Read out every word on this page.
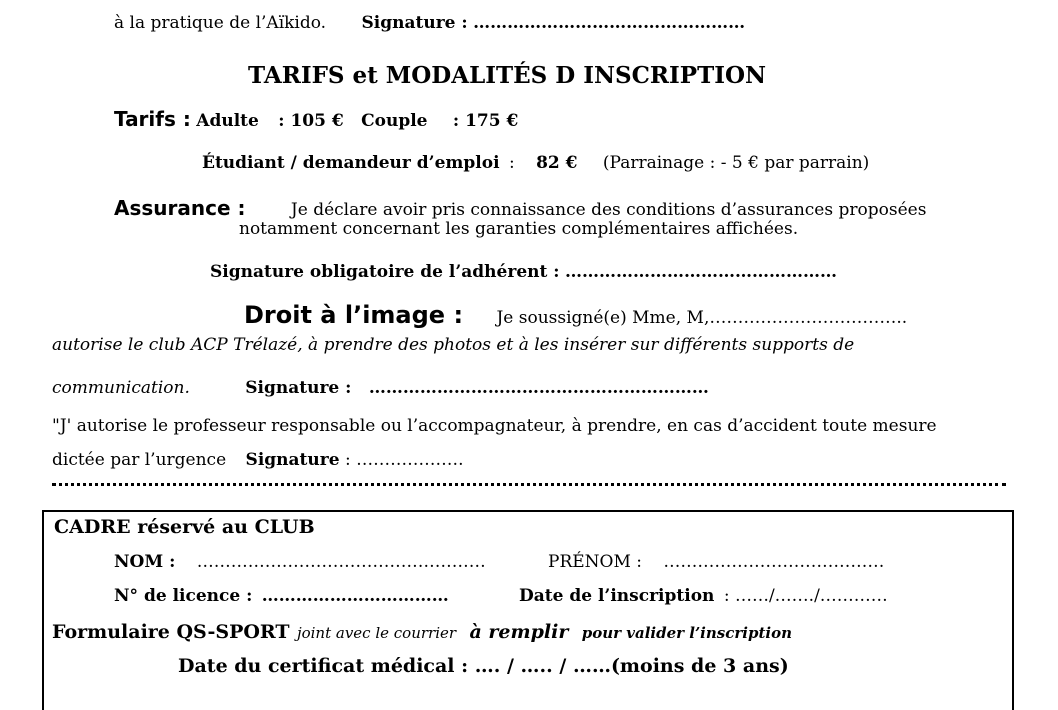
à la pratique de l’Aïkido. Signature : …………………………………………
TARIFS et MODALITÉS D INSCRIPTION
Tarifs : Adulte : 105 € Couple : 175 €
Étudiant / demandeur d’emploi : 82 € (Parrainage : - 5 € par parrain)
Assurance :	Je déclare avoir pris connaissance des conditions d’assurances proposées
notamment concernant les garanties complémentaires affichées.
Signature obligatoire de l’adhérent : …………………………………………
Droit à l’image : Je soussigné(e) Mme, M,……………………………..
autorise le club ACP Trélazé, à prendre des photos et à les insérer sur différents supports de
communication.	Signature : ……………………………………………………
"J' autorise le professeur responsable ou l’accompagnateur, à prendre, en cas d’accident toute mesure
dictée par l’urgence Signature : ……………….
CADRE réservé au CLUB
NOM : ……………………………………………	PRÉNOM : …………………………………
N° de licence : ……………………………	Date de l’inscription : ……/……./…………
Formulaire QS-SPORT joint avec le courrier à remplir pour valider l’inscription
Date du certificat médical : …. / ….. / ……(moins de 3 ans)
